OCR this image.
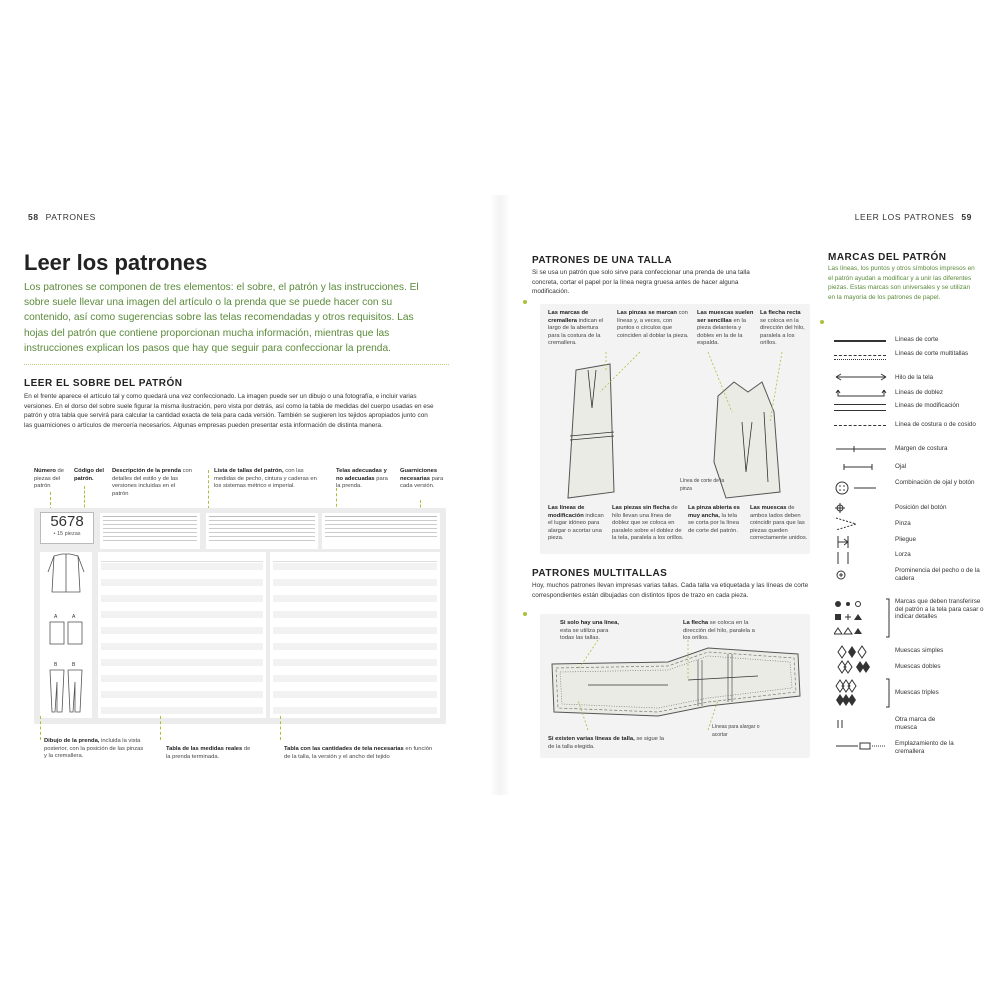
58 PATRONES	LEER LOS PATRONES 59
Leer los patrones
Los patrones se componen de tres elementos: el sobre, el patrón y las instrucciones. El sobre suele llevar una imagen del artículo o la prenda que se puede hacer con su contenido, así como sugerencias sobre las telas recomendadas y otros requisitos. Las hojas del patrón que contiene proporcionan mucha información, mientras que las instrucciones explican los pasos que hay que seguir para confeccionar la prenda.
LEER EL SOBRE DEL PATRÓN
En el frente aparece el artículo tal y como quedará una vez confeccionado. La imagen puede ser un dibujo o una fotografía, e incluir varias versiones. En el dorso del sobre suele figurar la misma ilustración, pero vista por detrás, así como la tabla de medidas del cuerpo usadas en ese patrón y otra tabla que servirá para calcular la cantidad exacta de tela para cada versión. También se sugieren los tejidos apropiados junto con las guarniciones o artículos de mercería necesarios. Algunas empresas pueden presentar esta información de distinta manera.
Número de piezas del patrón
Código del patrón.
Descripción de la prenda con detalles del estilo y de las versiones incluidas en el patrón
Lista de tallas del patrón, con las medidas de pecho, cintura y caderas en los sistemas métrico e imperial.
Telas adecuadas y no adecuadas para la prenda.
Guarniciones necesarias para cada versión.
5678
• 15 piezas
A	A
B	B
Dibujo de la prenda, incluida la vista posterior, con la posición de las pinzas y la cremallera.
Tabla de las medidas reales de la prenda terminada.
Tabla con las cantidades de tela necesarias en función de la talla, la versión y el ancho del tejido
PATRONES DE UNA TALLA
Si se usa un patrón que solo sirve para confeccionar una prenda de una talla concreta, cortar el papel por la línea negra gruesa antes de hacer alguna modificación.
Las marcas de cremallera indican el largo de la abertura para la costura de la cremallera.
Las pinzas se marcan con líneas y, a veces, con puntos o círculos que coinciden al doblar la pieza.
Las muescas suelen ser sencillas en la pieza delantera y dobles en la de la espalda.
La flecha recta se coloca en la dirección del hilo, paralela a los orillos.
Línea de corte de la pinza
Las líneas de modificación indican el lugar idóneo para alargar o acortar una pieza.
Las piezas sin flecha de hilo llevan una línea de doblez que se coloca en paralelo sobre el doblez de la tela, paralela a los orillos.
La pinza abierta es muy ancha, la tela se corta por la línea de corte del patrón.
Las muescas de ambos lados deben coincidir para que las piezas queden correctamente unidos.
PATRONES MULTITALLAS
Hoy, muchos patrones llevan impresas varias tallas. Cada talla va etiquetada y las líneas de corte correspondientes están dibujadas con distintos tipos de trazo en cada pieza.
Si solo hay una línea, esta se utiliza para todas las tallas.
La flecha se coloca en la dirección del hilo, paralela a los orillos.
Líneas para alargar o acortar
Si existen varias líneas de talla, se sigue la de la talla elegida.
MARCAS DEL PATRÓN
Las líneas, los puntos y otros símbolos impresos en el patrón ayudan a modificar y a unir las diferentes piezas. Estas marcas son universales y se utilizan en la mayoría de los patrones de papel.
Líneas de corte
Líneas de corte multitallas
Hilo de la tela
Líneas de doblez
Líneas de modificación
Línea de costura o de cosido
Margen de costura
Ojal
Combinación de ojal y botón
Posición del botón
Pinza
Pliegue
Lorza
Prominencia del pecho o de la cadera
Marcas que deben transferirse del patrón a la tela para casar o indicar detalles
Muescas simples
Muescas dobles
Muescas triples
Otra marca de muesca
Emplazamiento de la cremallera
